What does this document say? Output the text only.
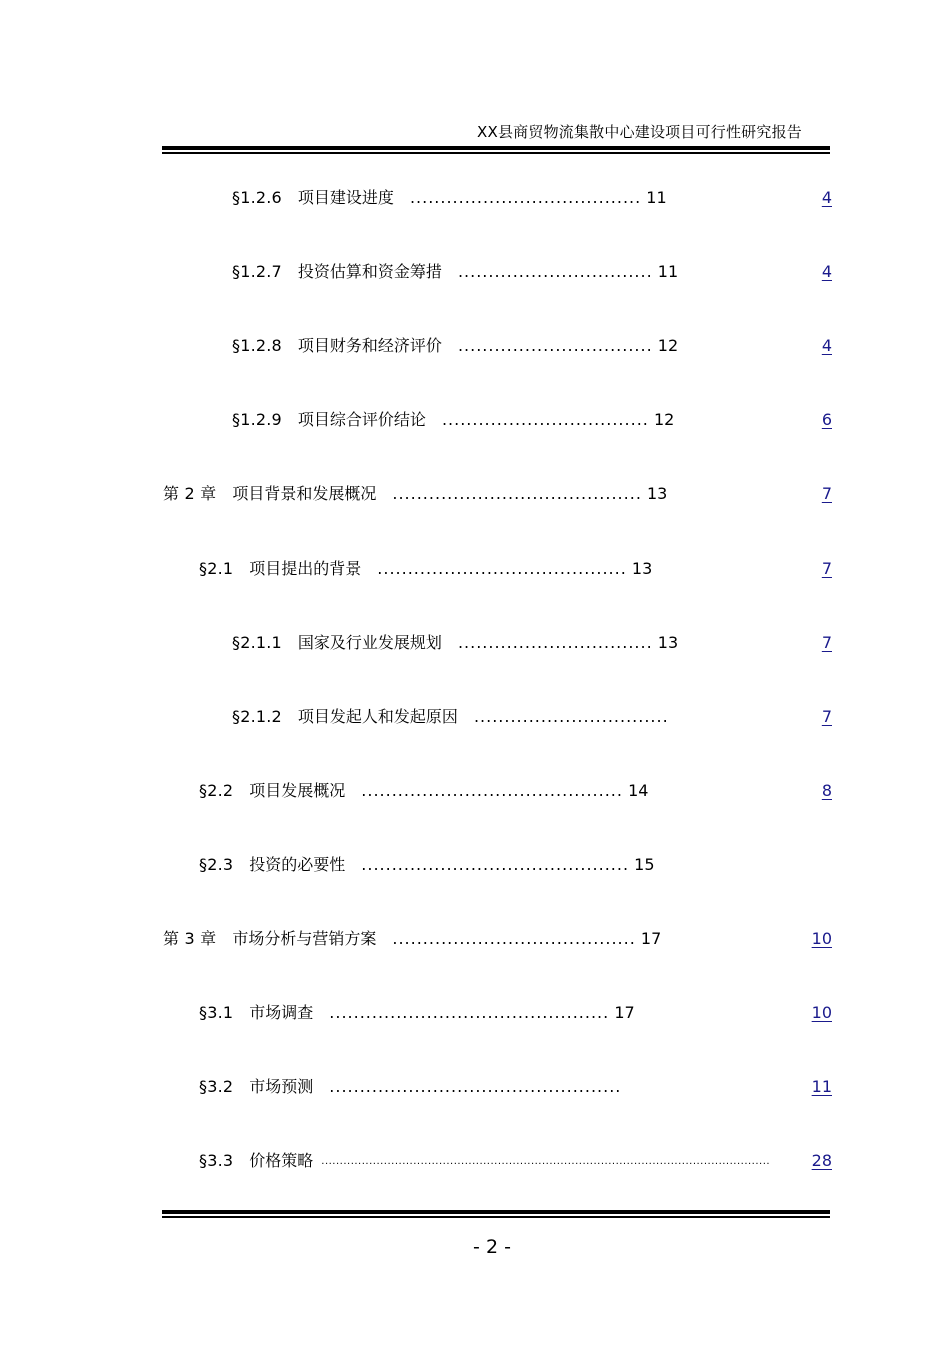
XX县商贸物流集散中心建设项目可行性研究报告
§1.2.6 项目建设进度 ...................................... 11	4
§1.2.7 投资估算和资金筹措 ................................ 11	4
§1.2.8 项目财务和经济评价 ................................ 12	4
§1.2.9 项目综合评价结论 .................................. 12	6
第 2 章 项目背景和发展概况 ......................................... 13	7
§2.1 项目提出的背景 ......................................... 13	7
§2.1.1 国家及行业发展规划 ................................ 13	7
§2.1.2 项目发起人和发起原因 ................................	7
§2.2 项目发展概况 ........................................... 14	8
§2.3 投资的必要性 ............................................ 15
第 3 章 市场分析与营销方案 ........................................ 17	10
§3.1 市场调查 .............................................. 17	10
§3.2 市场预测 ................................................	11
§3.3 价格策略 ..........................................................................................................................	28
- 2 -
